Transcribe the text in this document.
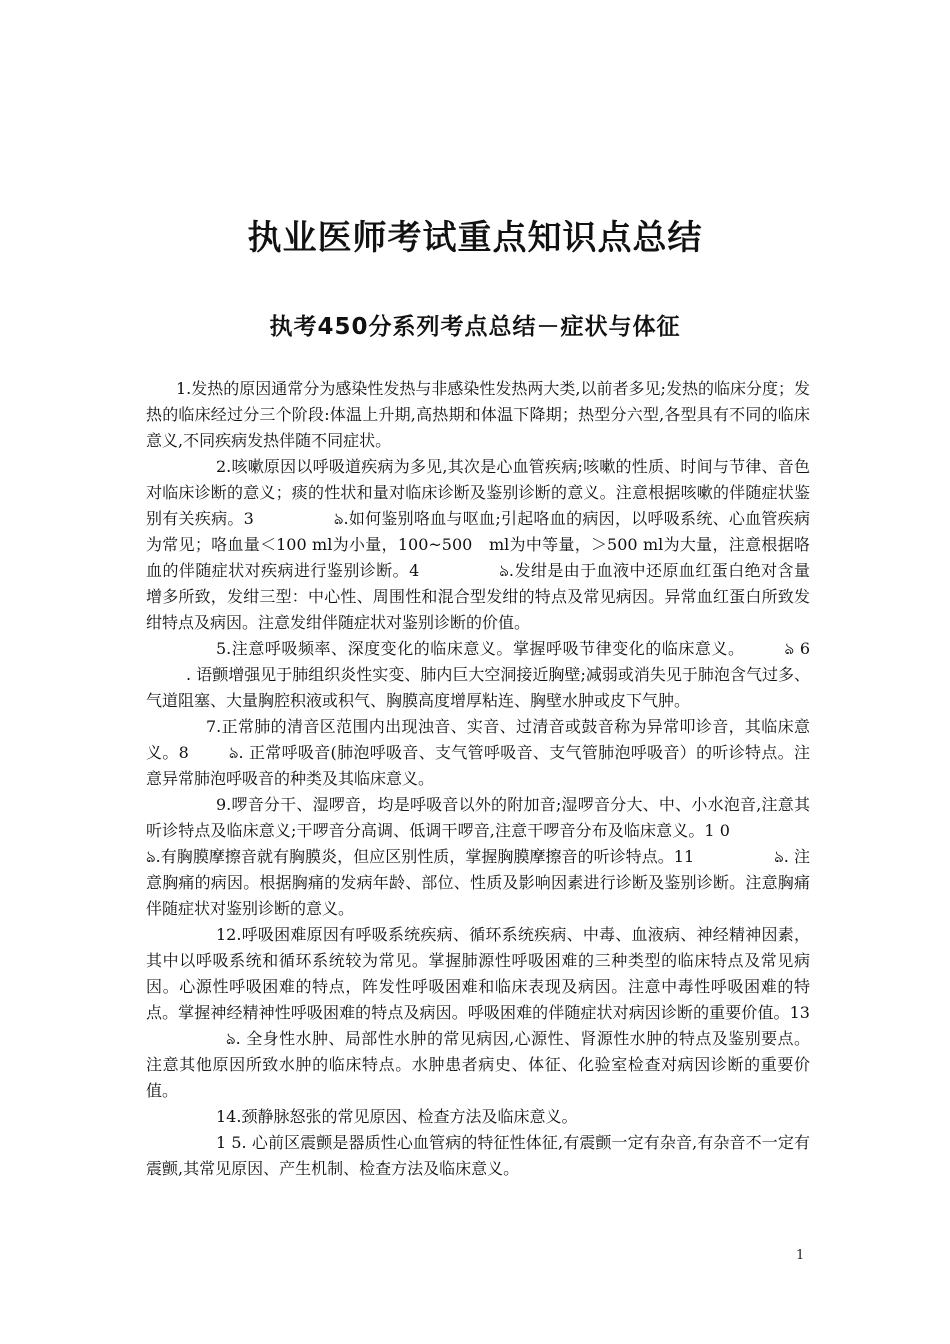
执业医师考试重点知识点总结
执考450分系列考点总结－症状与体征

1.发热的原因通常分为感染性发热与非感染性发热两大类,以前者多见;发热的临床分度；发热的临床经过分三个阶段:体温上升期,高热期和体温下降期；热型分六型,各型具有不同的临床意义,不同疾病发热伴随不同症状。

2.咳嗽原因以呼吸道疾病为多见,其次是心血管疾病;咳嗽的性质、时间与节律、音色对临床诊断的意义；痰的性状和量对临床诊断及鉴别诊断的意义。注意根据咳嗽的伴随症状鉴别有关疾病。3	ঌ.如何鉴别咯血与呕血;引起咯血的病因，以呼吸系统、心血管疾病为常见；咯血量＜100 ml为小量，100~500　ml为中等量，＞500 ml为大量，注意根据咯血的伴随症状对疾病进行鉴别诊断。4	ঌ.发绀是由于血液中还原血红蛋白绝对含量增多所致，发绀三型：中心性、周围性和混合型发绀的特点及常见病因。异常血红蛋白所致发绀特点及病因。注意发绀伴随症状对鉴别诊断的价值。

5.注意呼吸频率、深度变化的临床意义。掌握呼吸节律变化的临床意义。	ঌ 6. 语颤增强见于肺组织炎性实变、肺内巨大空洞接近胸壁;减弱或消失见于肺泡含气过多、气道阻塞、大量胸腔积液或积气、胸膜高度增厚粘连、胸壁水肿或皮下气肿。

7.正常肺的清音区范围内出现浊音、实音、过清音或鼓音称为异常叩诊音，其临床意义。8	ঌ. 正常呼吸音(肺泡呼吸音、支气管呼吸音、支气管肺泡呼吸音）的听诊特点。注意异常肺泡呼吸音的种类及其临床意义。

9.啰音分干、湿啰音，均是呼吸音以外的附加音;湿啰音分大、中、小水泡音,注意其听诊特点及临床意义;干啰音分高调、低调干啰音,注意干啰音分布及临床意义。1 0ঌ.有胸膜摩擦音就有胸膜炎，但应区别性质，掌握胸膜摩擦音的听诊特点。11	ঌ. 注意胸痛的病因。根据胸痛的发病年龄、部位、性质及影响因素进行诊断及鉴别诊断。注意胸痛伴随症状对鉴别诊断的意义。

12.呼吸困难原因有呼吸系统疾病、循环系统疾病、中毒、血液病、神经精神因素，其中以呼吸系统和循环系统较为常见。掌握肺源性呼吸困难的三种类型的临床特点及常见病因。心源性呼吸困难的特点，阵发性呼吸困难和临床表现及病因。注意中毒性呼吸困难的特点。掌握神经精神性呼吸困难的特点及病因。呼吸困难的伴随症状对病因诊断的重要价值。13ঌ. 全身性水肿、局部性水肿的常见病因,心源性、肾源性水肿的特点及鉴别要点。注意其他原因所致水肿的临床特点。水肿患者病史、体征、化验室检查对病因诊断的重要价值。

14.颈静脉怒张的常见原因、检查方法及临床意义。

1 5. 心前区震颤是器质性心血管病的特征性体征,有震颤一定有杂音,有杂音不一定有震颤,其常见原因、产生机制、检查方法及临床意义。

1
